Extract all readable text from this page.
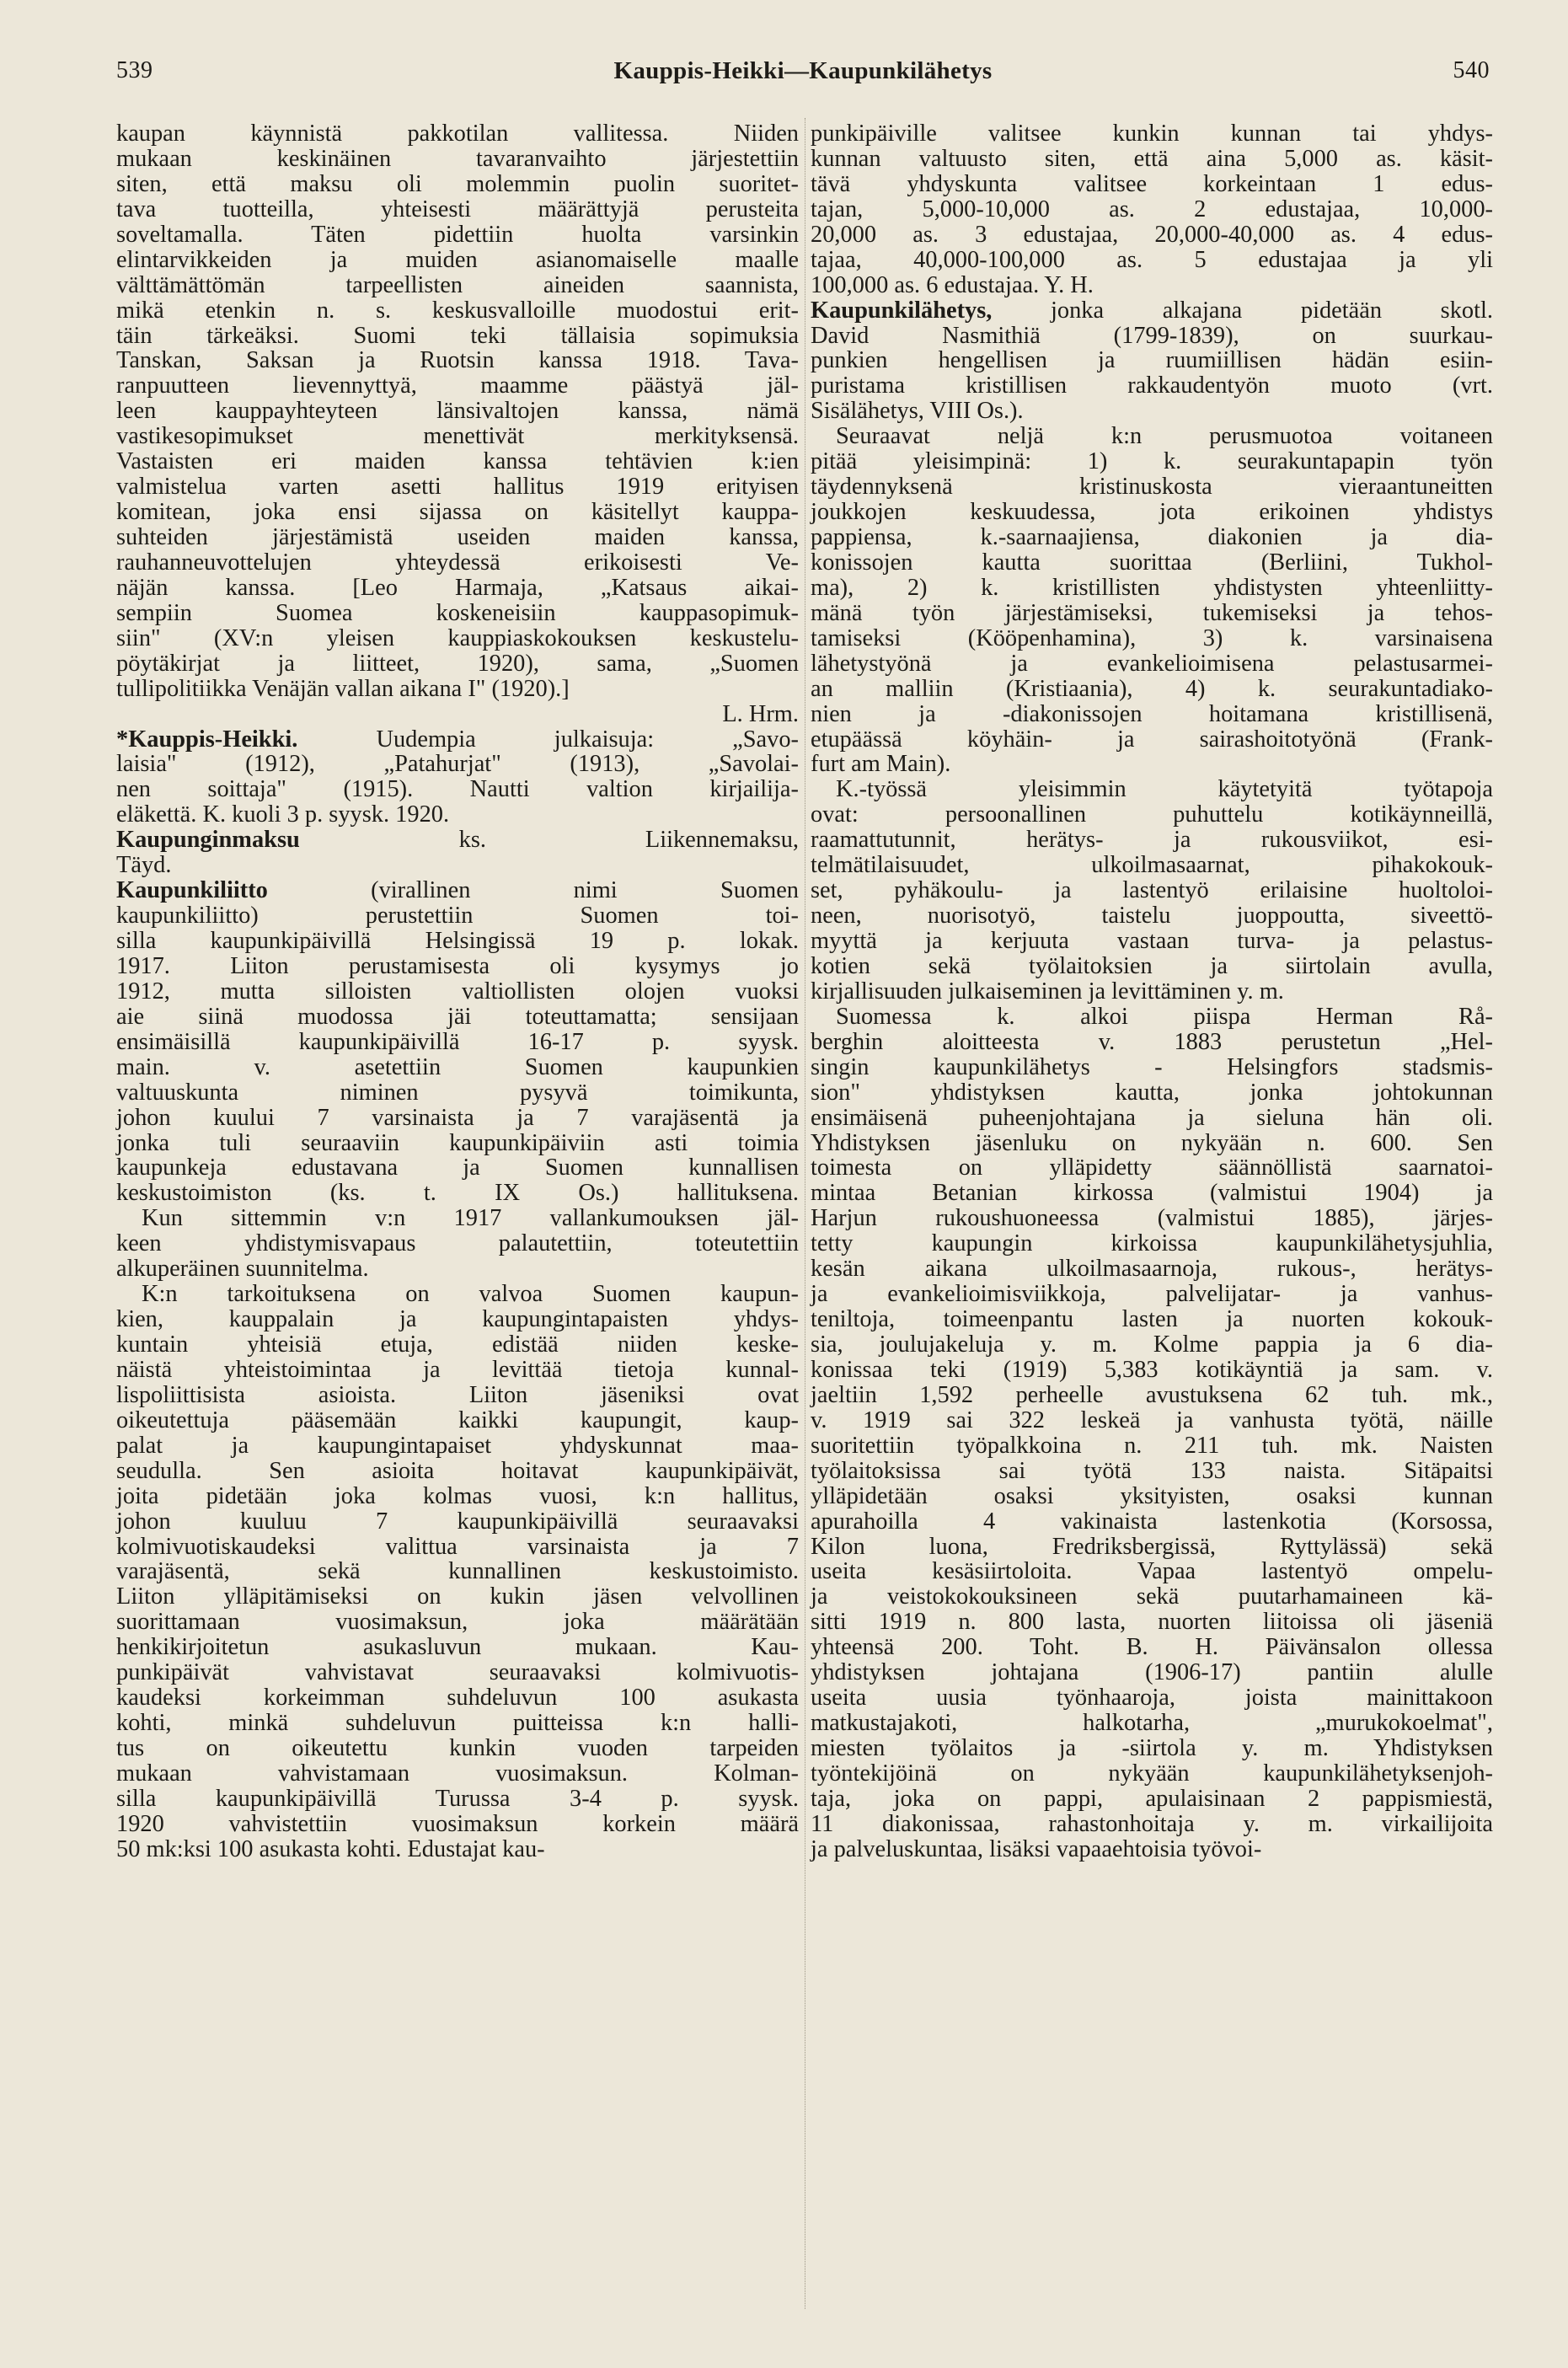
539	Kauppis-Heikki—Kaupunkilähetys	540
kaupan käynnistä pakkotilan vallitessa. Niiden
mukaan keskinäinen tavaranvaihto järjestettiin
siten, että maksu oli molemmin puolin suoritet-
tava tuotteilla, yhteisesti määrättyjä perusteita
soveltamalla. Täten pidettiin huolta varsinkin
elintarvikkeiden ja muiden asianomaiselle maalle
välttämättömän tarpeellisten aineiden saannista,
mikä etenkin n. s. keskusvalloille muodostui erit-
täin tärkeäksi. Suomi teki tällaisia sopimuksia
Tanskan, Saksan ja Ruotsin kanssa 1918. Tava-
ranpuutteen lievennyttyä, maamme päästyä jäl-
leen kauppayhteyteen länsivaltojen kanssa, nämä
vastikesopimukset menettivät merkityksensä.
Vastaisten eri maiden kanssa tehtävien k:ien
valmistelua varten asetti hallitus 1919 erityisen
komitean, joka ensi sijassa on käsitellyt kauppa-
suhteiden järjestämistä useiden maiden kanssa,
rauhanneuvottelujen yhteydessä erikoisesti Ve-
näjän kanssa. [Leo Harmaja, „Katsaus aikai-
sempiin Suomea koskeneisiin kauppasopimuk-
siin" (XV:n yleisen kauppiaskokouksen keskustelu-
pöytäkirjat ja liitteet, 1920), sama, „Suomen
tullipolitiikka Venäjän vallan aikana I" (1920).]
L. Hrm.
*Kauppis-Heikki. Uudempia julkaisuja: „Savo-
laisia" (1912), „Patahurjat" (1913), „Savolai-
nen soittaja" (1915). Nautti valtion kirjailija-
eläkettä. K. kuoli 3 p. syysk. 1920.
Kaupunginmaksu ks. Liikennemaksu,
Täyd.
Kaupunkiliitto (virallinen nimi Suomen
kaupunkiliitto) perustettiin Suomen toi-
silla kaupunkipäivillä Helsingissä 19 p. lokak.
1917. Liiton perustamisesta oli kysymys jo
1912, mutta silloisten valtiollisten olojen vuoksi
aie siinä muodossa jäi toteuttamatta; sensijaan
ensimäisillä kaupunkipäivillä 16-17 p. syysk.
main. v. asetettiin Suomen kaupunkien
valtuuskunta niminen pysyvä toimikunta,
johon kuului 7 varsinaista ja 7 varajäsentä ja
jonka tuli seuraaviin kaupunkipäiviin asti toimia
kaupunkeja edustavana ja Suomen kunnallisen
keskustoimiston (ks. t. IX Os.) hallituksena.
Kun sittemmin v:n 1917 vallankumouksen jäl-
keen yhdistymisvapaus palautettiin, toteutettiin
alkuperäinen suunnitelma.
K:n tarkoituksena on valvoa Suomen kaupun-
kien, kauppalain ja kaupungintapaisten yhdys-
kuntain yhteisiä etuja, edistää niiden keske-
näistä yhteistoimintaa ja levittää tietoja kunnal-
lispoliittisista asioista. Liiton jäseniksi ovat
oikeutettuja pääsemään kaikki kaupungit, kaup-
palat ja kaupungintapaiset yhdyskunnat maa-
seudulla. Sen asioita hoitavat kaupunkipäivät,
joita pidetään joka kolmas vuosi, k:n hallitus,
johon kuuluu 7 kaupunkipäivillä seuraavaksi
kolmivuotiskaudeksi valittua varsinaista ja 7
varajäsentä, sekä kunnallinen keskustoimisto.
Liiton ylläpitämiseksi on kukin jäsen velvollinen
suorittamaan vuosimaksun, joka määrätään
henkikirjoitetun asukasluvun mukaan. Kau-
punkipäivät vahvistavat seuraavaksi kolmivuotis-
kaudeksi korkeimman suhdeluvun 100 asukasta
kohti, minkä suhdeluvun puitteissa k:n halli-
tus on oikeutettu kunkin vuoden tarpeiden
mukaan vahvistamaan vuosimaksun. Kolman-
silla kaupunkipäivillä Turussa 3-4 p. syysk.
1920 vahvistettiin vuosimaksun korkein määrä
50 mk:ksi 100 asukasta kohti. Edustajat kau-
punkipäiville valitsee kunkin kunnan tai yhdys-
kunnan valtuusto siten, että aina 5,000 as. käsit-
tävä yhdyskunta valitsee korkeintaan 1 edus-
tajan, 5,000-10,000 as. 2 edustajaa, 10,000-
20,000 as. 3 edustajaa, 20,000-40,000 as. 4 edus-
tajaa, 40,000-100,000 as. 5 edustajaa ja yli
100,000 as. 6 edustajaa. Y. H.
Kaupunkilähetys, jonka alkajana pidetään skotl.
David Nasmithiä (1799-1839), on suurkau-
punkien hengellisen ja ruumiillisen hädän esiin-
puristama kristillisen rakkaudentyön muoto (vrt.
Sisälähetys, VIII Os.).
Seuraavat neljä k:n perusmuotoa voitaneen
pitää yleisimpinä: 1) k. seurakuntapapin työn
täydennyksenä kristinuskosta vieraantuneitten
joukkojen keskuudessa, jota erikoinen yhdistys
pappiensa, k.-saarnaajiensa, diakonien ja dia-
konissojen kautta suorittaa (Berliini, Tukhol-
ma), 2) k. kristillisten yhdistysten yhteenliitty-
mänä työn järjestämiseksi, tukemiseksi ja tehos-
tamiseksi (Kööpenhamina), 3) k. varsinaisena
lähetystyönä ja evankelioimisena pelastusarmei-
an malliin (Kristiaania), 4) k. seurakuntadiako-
nien ja -diakonissojen hoitamana kristillisenä,
etupäässä köyhäin- ja sairashoitotyönä (Frank-
furt am Main).
K.-työssä yleisimmin käytetyitä työtapoja
ovat: persoonallinen puhuttelu kotikäynneillä,
raamattutunnit, herätys- ja rukousviikot, esi-
telmätilaisuudet, ulkoilmasaarnat, pihakokouk-
set, pyhäkoulu- ja lastentyö erilaisine huoltoloi-
neen, nuorisotyö, taistelu juoppoutta, siveettö-
myyttä ja kerjuuta vastaan turva- ja pelastus-
kotien sekä työlaitoksien ja siirtolain avulla,
kirjallisuuden julkaiseminen ja levittäminen y. m.
Suomessa k. alkoi piispa Herman Rå-
berghin aloitteesta v. 1883 perustetun „Hel-
singin kaupunkilähetys - Helsingfors stadsmis-
sion" yhdistyksen kautta, jonka johtokunnan
ensimäisenä puheenjohtajana ja sieluna hän oli.
Yhdistyksen jäsenluku on nykyään n. 600. Sen
toimesta on ylläpidetty säännöllistä saarnatoi-
mintaa Betanian kirkossa (valmistui 1904) ja
Harjun rukoushuoneessa (valmistui 1885), järjes-
tetty kaupungin kirkoissa kaupunkilähetysjuhlia,
kesän aikana ulkoilmasaarnoja, rukous-, herätys-
ja evankelioimisviikkoja, palvelijatar- ja vanhus-
teniltoja, toimeenpantu lasten ja nuorten kokouk-
sia, joulujakeluja y. m. Kolme pappia ja 6 dia-
konissaa teki (1919) 5,383 kotikäyntiä ja sam. v.
jaeltiin 1,592 perheelle avustuksena 62 tuh. mk.,
v. 1919 sai 322 leskeä ja vanhusta työtä, näille
suoritettiin työpalkkoina n. 211 tuh. mk. Naisten
työlaitoksissa sai työtä 133 naista. Sitäpaitsi
ylläpidetään osaksi yksityisten, osaksi kunnan
apurahoilla 4 vakinaista lastenkotia (Korsossa,
Kilon luona, Fredriksbergissä, Ryttylässä) sekä
useita kesäsiirtoloita. Vapaa lastentyö ompelu-
ja veistokokouksineen sekä puutarhamaineen kä-
sitti 1919 n. 800 lasta, nuorten liitoissa oli jäseniä
yhteensä 200. Toht. B. H. Päivänsalon ollessa
yhdistyksen johtajana (1906-17) pantiin alulle
useita uusia työnhaaroja, joista mainittakoon
matkustajakoti, halkotarha, „murukokoelmat",
miesten työlaitos ja -siirtola y. m. Yhdistyksen
työntekijöinä on nykyään kaupunkilähetyksenjoh-
taja, joka on pappi, apulaisinaan 2 pappismiestä,
11 diakonissaa, rahastonhoitaja y. m. virkailijoita
ja palveluskuntaa, lisäksi vapaaehtoisia työvoi-
